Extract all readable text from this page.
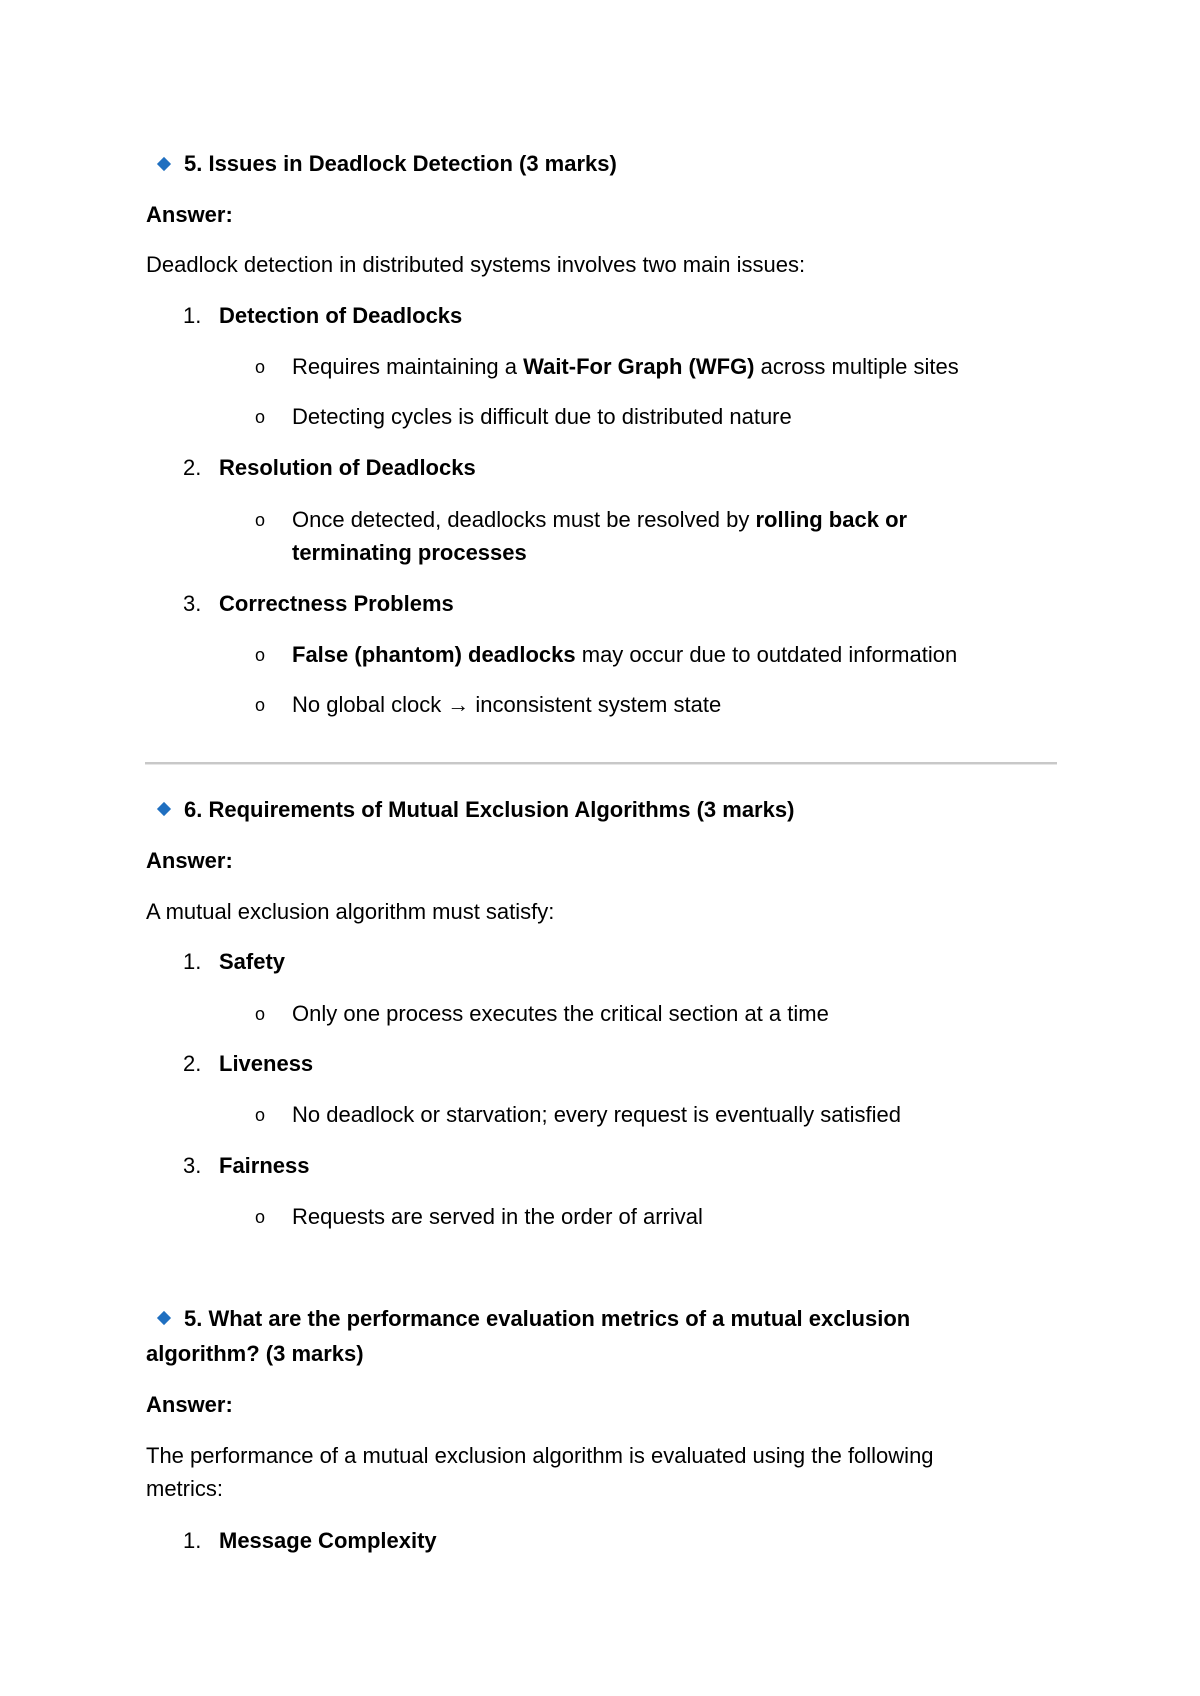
5. Issues in Deadlock Detection (3 marks)
Answer:
Deadlock detection in distributed systems involves two main issues:
1. Detection of Deadlocks
o Requires maintaining a Wait-For Graph (WFG) across multiple sites
o Detecting cycles is difficult due to distributed nature
2. Resolution of Deadlocks
o Once detected, deadlocks must be resolved by rolling back or
terminating processes
3. Correctness Problems
o False (phantom) deadlocks may occur due to outdated information
o No global clock → inconsistent system state
6. Requirements of Mutual Exclusion Algorithms (3 marks)
Answer:
A mutual exclusion algorithm must satisfy:
1. Safety
o Only one process executes the critical section at a time
2. Liveness
o No deadlock or starvation; every request is eventually satisfied
3. Fairness
o Requests are served in the order of arrival
5. What are the performance evaluation metrics of a mutual exclusion
algorithm? (3 marks)
Answer:
The performance of a mutual exclusion algorithm is evaluated using the following
metrics:
1. Message Complexity
